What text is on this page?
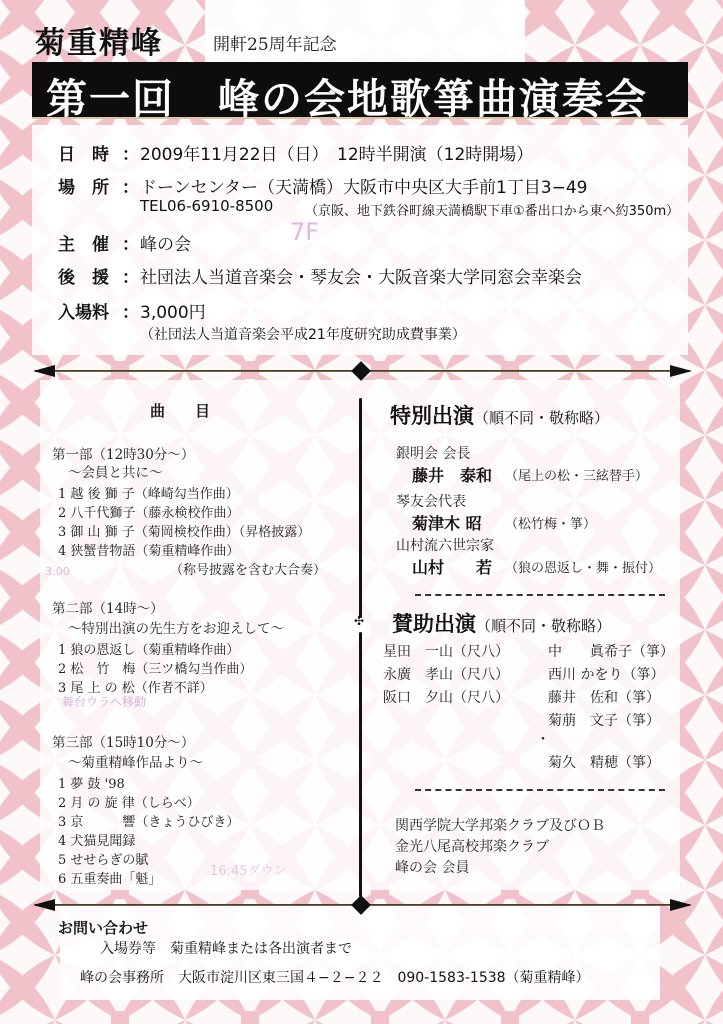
菊重精峰	開軒25周年記念
第一回　峰の会地歌箏曲演奏会
日　時 ： 2009年11月22日（日）　12時半開演（12時開場）
場　所 ： ドーンセンター（天満橋）大阪市中央区大手前1丁目3−49
TEL06-6910-8500 （京阪、地下鉄谷町線天満橋駅下車①番出口から東へ約350m）
主　催 ： 峰の会
後　援 ： 社団法人当道音楽会・琴友会・大阪音楽大学同窓会幸楽会
入場料 ： 3,000円
（社団法人当道音楽会平成21年度研究助成費事業）
✣
曲目
第一部（12時30分〜）
〜会員と共に〜
1 越 後 獅 子（峰崎勾当作曲）
2 八千代獅子（藤永検校作曲）
3 御 山 獅 子（菊岡検校作曲）（昇格披露）
4 狭蟹昔物語（菊重精峰作曲）
（称号披露を含む大合奏）
第二部（14時〜）
〜特別出演の先生方をお迎えして〜
1 狼の恩返し（菊重精峰作曲）
2 松　竹　梅（三ツ橋勾当作曲）
3 尾 上 の 松（作者不詳）
第三部（15時10分〜）
〜菊重精峰作品より〜
1 夢 鼓 '98
2 月 の 旋 律（しらべ）
3 京　　　響（きょうひびき）
4 犬猫見聞録
5 せせらぎの賦
6 五重奏曲「魁」
特別出演（順不同・敬称略）
銀明会 会長
藤井　泰和 （尾上の松・三絃替手）
琴友会代表
菊津木 昭 （松竹梅・箏）
山村流六世宗家
山村　　若 （狼の恩返し・舞・振付）
賛助出演（順不同・敬称略）
星田　一山（尺八）
永廣　孝山（尺八）
阪口　夕山（尺八）
中　　眞希子（箏）
西川 かをり（箏）
藤井　佐和（箏）
菊萠　文子（箏）
・
菊久　精穂（箏）
関西学院大学邦楽クラブ及びＯＢ
金光八尾高校邦楽クラブ
峰の会 会員
お問い合わせ
入場券等　菊重精峰または各出演者まで
峰の会事務所　大阪市淀川区東三国４−２−２２　090-1583-1538（菊重精峰）
7F
3:00
舞台ウラへ移動
16:45ダウン
